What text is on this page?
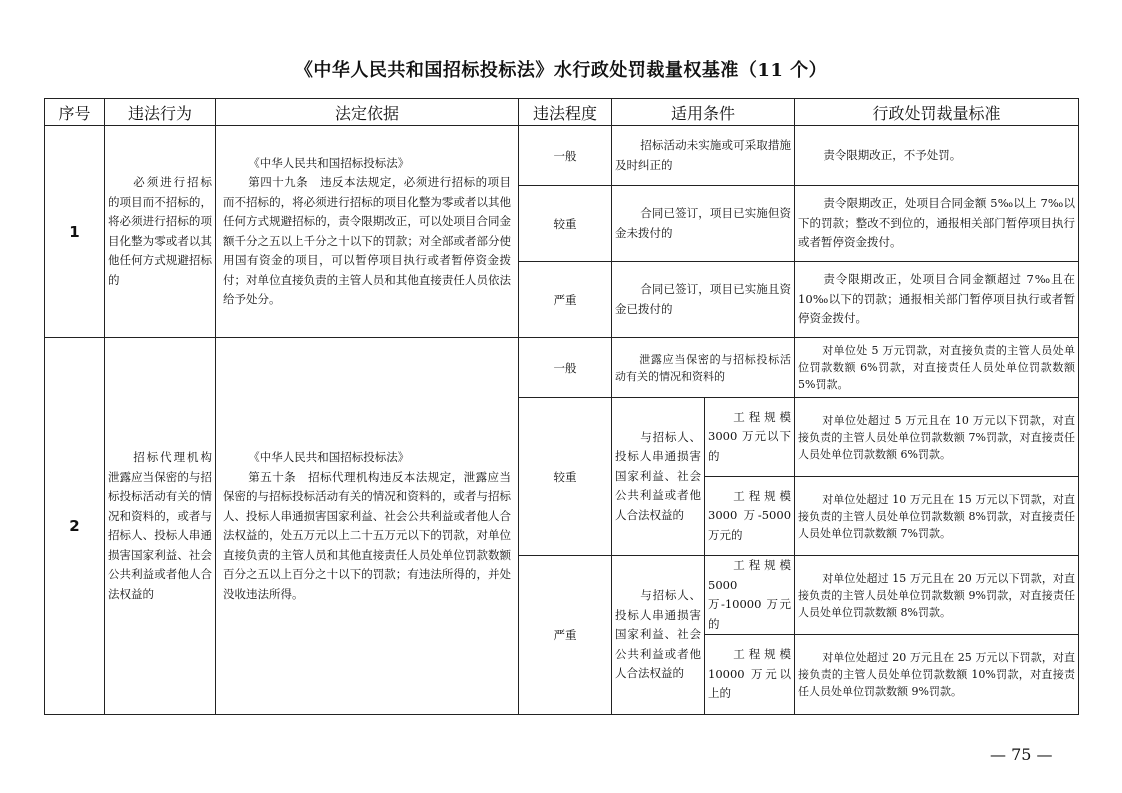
《中华人民共和国招标投标法》水行政处罚裁量权基准（11 个）
序号	违法行为	法定依据	违法程度	适用条件		行政处罚裁量标准
1	必须进行招标的项目而不招标的，将必须进行招标的项目化整为零或者以其他任何方式规避招标的	《中华人民共和国招标投标法》
第四十九条　违反本法规定，必须进行招标的项目而不招标的，将必须进行招标的项目化整为零或者以其他任何方式规避招标的，责令限期改正，可以处项目合同金额千分之五以上千分之十以下的罚款；对全部或者部分使用国有资金的项目，可以暂停项目执行或者暂停资金拨付；对单位直接负责的主管人员和其他直接责任人员依法给予处分。	一般	招标活动未实施或可采取措施及时纠正的		责令限期改正，不予处罚。
			较重	合同已签订，项目已实施但资金未拨付的		责令限期改正，处项目合同金额 5‰以上 7‰以下的罚款；整改不到位的，通报相关部门暂停项目执行或者暂停资金拨付。
			严重	合同已签订，项目已实施且资金已拨付的		责令限期改正，处项目合同金额超过 7‰且在 10‰以下的罚款；通报相关部门暂停项目执行或者暂停资金拨付。
2	招标代理机构泄露应当保密的与招标投标活动有关的情况和资料的，或者与招标人、投标人串通损害国家利益、社会公共利益或者他人合法权益的	《中华人民共和国招标投标法》
第五十条　招标代理机构违反本法规定，泄露应当保密的与招标投标活动有关的情况和资料的，或者与招标人、投标人串通损害国家利益、社会公共利益或者他人合法权益的，处五万元以上二十五万元以下的罚款，对单位直接负责的主管人员和其他直接责任人员处单位罚款数额百分之五以上百分之十以下的罚款；有违法所得的，并处没收违法所得。	一般	泄露应当保密的与招标投标活动有关的情况和资料的		对单位处 5 万元罚款，对直接负责的主管人员处单位罚款数额 6%罚款，对直接责任人员处单位罚款数额 5%罚款。
			较重	与招标人、投标人串通损害国家利益、社会公共利益或者他人合法权益的	工程规模 3000 万元以下的	对单位处超过 5 万元且在 10 万元以下罚款，对直接负责的主管人员处单位罚款数额 7%罚款，对直接责任人员处单位罚款数额 6%罚款。
					工程规模 3000 万-5000 万元的	对单位处超过 10 万元且在 15 万元以下罚款，对直接负责的主管人员处单位罚款数额 8%罚款，对直接责任人员处单位罚款数额 7%罚款。
			严重	与招标人、投标人串通损害国家利益、社会公共利益或者他人合法权益的	工程规模 5000 万-10000 万元的	对单位处超过 15 万元且在 20 万元以下罚款，对直接负责的主管人员处单位罚款数额 9%罚款，对直接责任人员处单位罚款数额 8%罚款。
					工程规模 10000 万元以上的	对单位处超过 20 万元且在 25 万元以下罚款，对直接负责的主管人员处单位罚款数额 10%罚款，对直接责任人员处单位罚款数额 9%罚款。
— 75 —
